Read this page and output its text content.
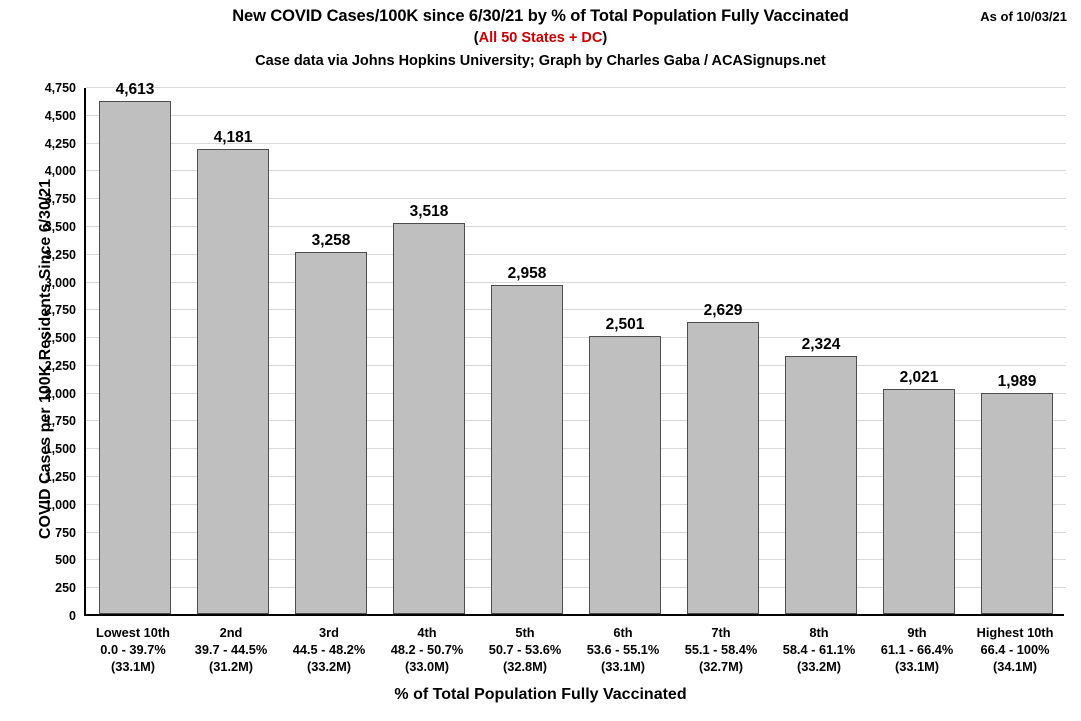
New COVID Cases/100K since 6/30/21 by % of Total Population Fully Vaccinated
(All 50 States + DC)
Case data via Johns Hopkins University; Graph by Charles Gaba / ACASignups.net
As of 10/03/21
COVID Cases per 100K Residents Since 6/30/21
% of Total Population Fully Vaccinated
0
250
500
750
1,000
1,250
1,500
1,750
2,000
2,250
2,500
2,750
3,000
3,250
3,500
3,750
4,000
4,250
4,500
4,750	4,613
4,181
3,258
3,518
2,958
2,501
2,629
2,324
2,021	1,989
Lowest 10th
0.0 - 39.7%
(33.1M)
2nd
39.7 - 44.5%
(31.2M)
3rd
44.5 - 48.2%
(33.2M)
4th
48.2 - 50.7%
(33.0M)
5th
50.7 - 53.6%
(32.8M)
6th
53.6 - 55.1%
(33.1M)
7th
55.1 - 58.4%
(32.7M)
8th
58.4 - 61.1%
(33.2M)
9th
61.1 - 66.4%
(33.1M)
Highest 10th
66.4 - 100%
(34.1M)
